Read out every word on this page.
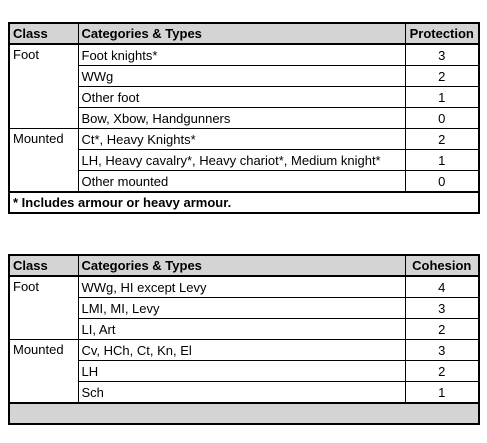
Class	Categories & Types	Protection
Foot	Foot knights*	3
	WWg	2
	Other foot	1
	Bow, Xbow, Handgunners	0
Mounted	Ct*, Heavy Knights*	2
	LH, Heavy cavalry*, Heavy chariot*, Medium knight*	1
	Other mounted	0
* Includes armour or heavy armour.		
Class	Categories & Types	Cohesion
Foot	WWg, HI except Levy	4
	LMI, MI, Levy	3
	LI, Art	2
Mounted	Cv, HCh, Ct, Kn, El	3
	LH	2
	Sch	1
